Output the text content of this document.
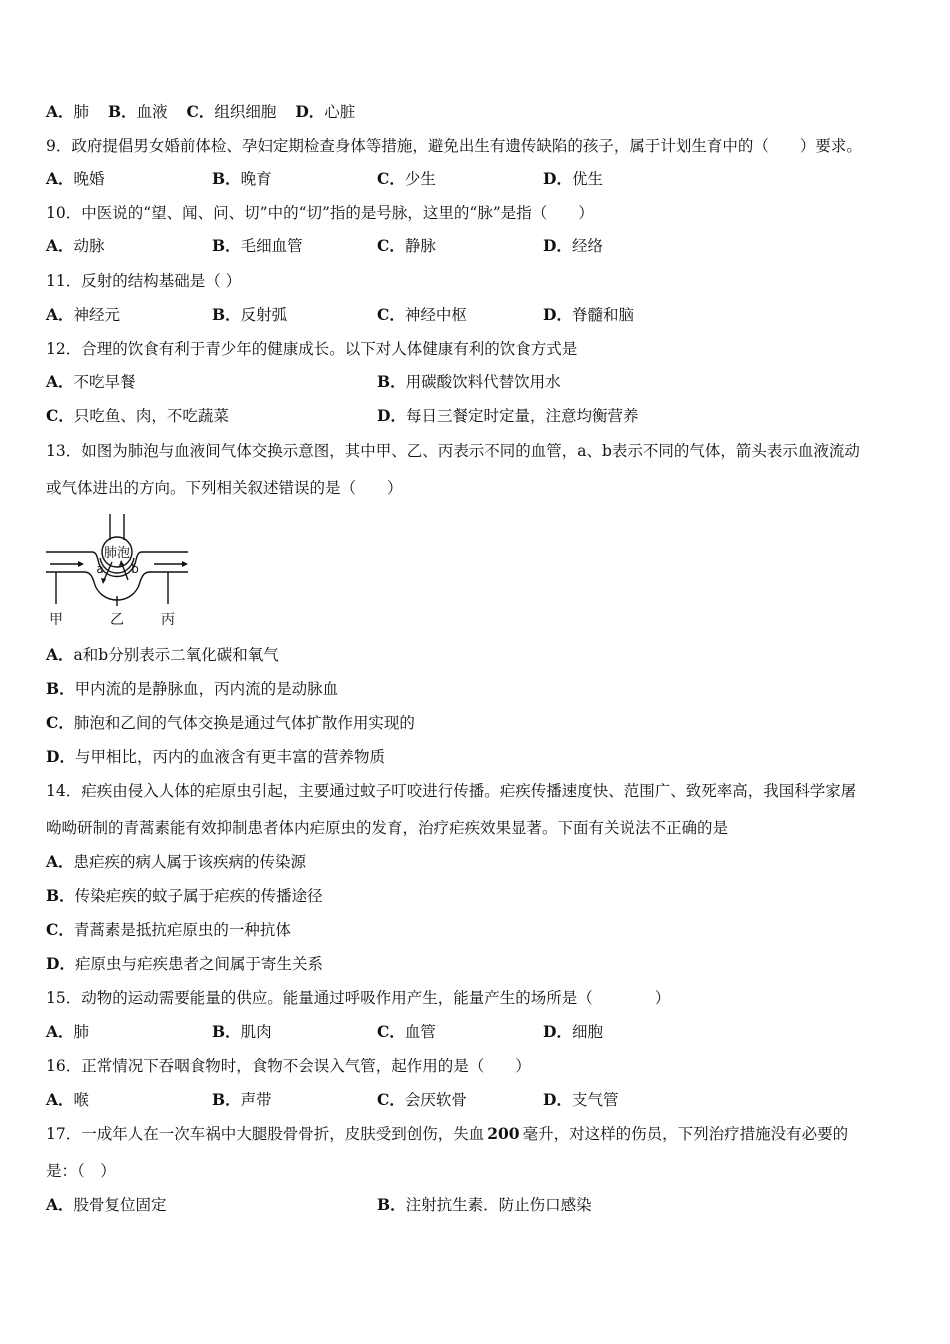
A．肺 B．血液 C．组织细胞 D．心脏
9．政府提倡男女婚前体检、孕妇定期检查身体等措施，避免出生有遗传缺陷的孩子，属于计划生育中的（　　）要求。
A．晚婚	B．晚育	C．少生	D．优生
10．中医说的“望、闻、问、切”中的“切”指的是号脉，这里的“脉”是指（　　）
A．动脉	B．毛细血管	C．静脉	D．经络
11．反射的结构基础是（ ）
A．神经元	B．反射弧	C．神经中枢	D．脊髓和脑
12．合理的饮食有利于青少年的健康成长。以下对人体健康有利的饮食方式是
A．不吃早餐	B．用碳酸饮料代替饮用水
C．只吃鱼、肉，不吃蔬菜	D．每日三餐定时定量，注意均衡营养
13．如图为肺泡与血液间气体交换示意图，其中甲、乙、丙表示不同的血管，a、b表示不同的气体，箭头表示血液流动
或气体进出的方向。下列相关叙述错误的是（　　）
肺泡
a b
甲	乙	丙
A．a和b分别表示二氧化碳和氧气
B．甲内流的是静脉血，丙内流的是动脉血
C．肺泡和乙间的气体交换是通过气体扩散作用实现的
D．与甲相比，丙内的血液含有更丰富的营养物质
14．疟疾由侵入人体的疟原虫引起，主要通过蚊子叮咬进行传播。疟疾传播速度快、范围广、致死率高，我国科学家屠
呦呦研制的青蒿素能有效抑制患者体内疟原虫的发育，治疗疟疾效果显著。下面有关说法不正确的是
A．患疟疾的病人属于该疾病的传染源
B．传染疟疾的蚊子属于疟疾的传播途径
C．青蒿素是抵抗疟原虫的一种抗体
D．疟原虫与疟疾患者之间属于寄生关系
15．动物的运动需要能量的供应。能量通过呼吸作用产生，能量产生的场所是（　　　　）
A．肺	B．肌肉	C．血管	D．细胞
16．正常情况下吞咽食物时，食物不会误入气管，起作用的是（　　）
A．喉	B．声带	C．会厌软骨	D．支气管
17．一成年人在一次车祸中大腿股骨骨折，皮肤受到创伤，失血 200 毫升，对这样的伤员，下列治疗措施没有必要的
是：（　）
A．股骨复位固定	B．注射抗生素．防止伤口感染
